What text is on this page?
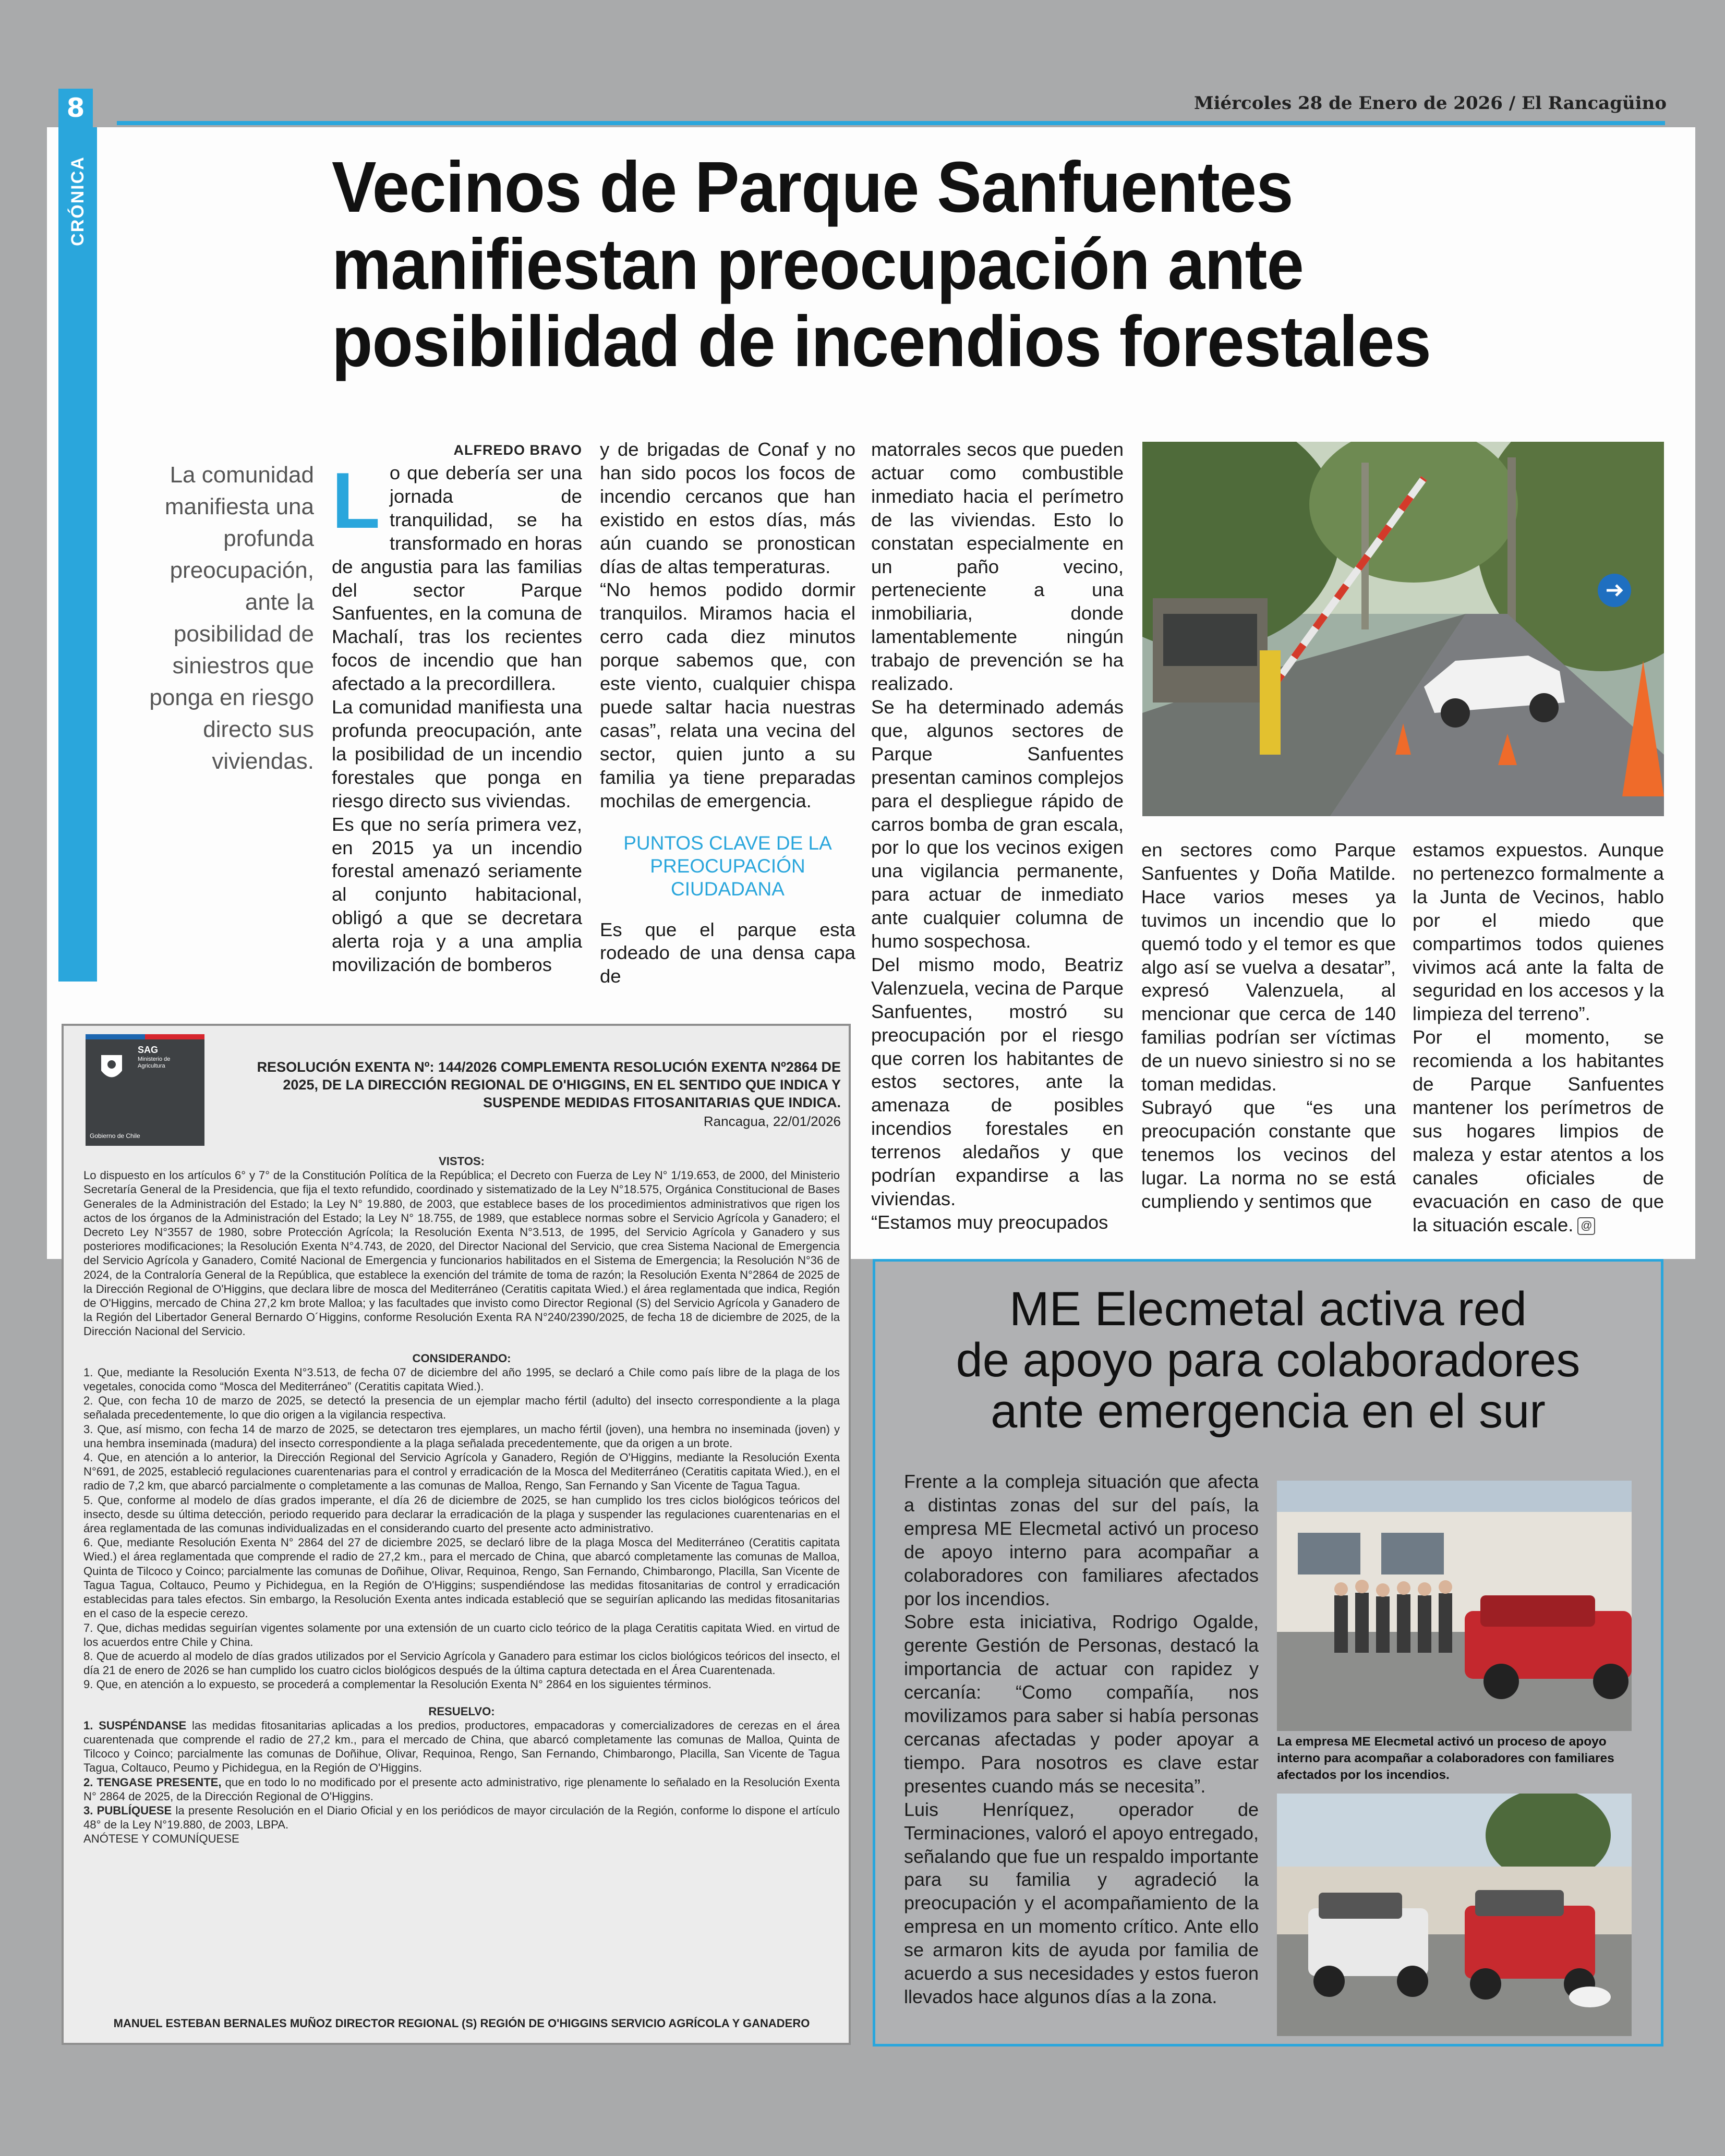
8	Miércoles 28 de Enero de 2026 / El Rancagüino
CRÓNICA	Vecinos de Parque Sanfuentes
manifiestan preocupación ante
posibilidad de incendios forestales
La comunidad manifiesta una profunda preocupación, ante la posibilidad de siniestros que ponga en riesgo directo sus viviendas.
ALFREDO BRAVO

Lo que debería ser una jornada de tranquilidad, se ha transformado en horas de angustia para las familias del sector Parque Sanfuentes, en la comuna de Machalí, tras los recientes focos de incendio que han afectado a la precordillera.

La comunidad manifiesta una profunda preocupación, ante la posibilidad de un incendio forestales que ponga en riesgo directo sus viviendas.

Es que no sería primera vez, en 2015 ya un incendio forestal amenazó seriamente al conjunto habitacional, obligó a que se decretara alerta roja y a una amplia movilización de bomberos

y de brigadas de Conaf y no han sido pocos los focos de incendio cercanos que han existido en estos días, más aún cuando se pronostican días de altas temperaturas.

“No hemos podido dormir tranquilos. Miramos hacia el cerro cada diez minutos porque sabemos que, con este viento, cualquier chispa puede saltar hacia nuestras casas”, relata una vecina del sector, quien junto a su familia ya tiene preparadas mochilas de emergencia.

PUNTOS CLAVE DE LA PREOCUPACIÓN CIUDADANA

Es que el parque esta rodeado de una densa capa de

matorrales secos que pueden actuar como combustible inmediato hacia el perímetro de las viviendas. Esto lo constatan especialmente en un paño vecino, perteneciente a una inmobiliaria, donde lamentablemente ningún trabajo de prevención se ha realizado.

Se ha determinado además que, algunos sectores de Parque Sanfuentes presentan caminos complejos para el despliegue rápido de carros bomba de gran escala, por lo que los vecinos exigen una vigilancia permanente, para actuar de inmediato ante cualquier columna de humo sospechosa.

Del mismo modo, Beatriz Valenzuela, vecina de Parque Sanfuentes, mostró su preocupación por el riesgo que corren los habitantes de estos sectores, ante la amenaza de posibles incendios forestales en terrenos aledaños y que podrían expandirse a las viviendas.

“Estamos muy preocupados

en sectores como Parque Sanfuentes y Doña Matilde. Hace varios meses ya tuvimos un incendio que lo quemó todo y el temor es que algo así se vuelva a desatar”, expresó Valenzuela, al mencionar que cerca de 140 familias podrían ser víctimas de un nuevo siniestro si no se toman medidas.

Subrayó que “es una preocupación constante que tenemos los vecinos del lugar. La norma no se está cumpliendo y sentimos que

estamos expuestos. Aunque no pertenezco formalmente a la Junta de Vecinos, hablo por el miedo que compartimos todos quienes vivimos acá ante la falta de seguridad en los accesos y la limpieza del terreno”.

Por el momento, se recomienda a los habitantes de Parque Sanfuentes mantener los perímetros de sus hogares limpios de maleza y estar atentos a los canales oficiales de evacuación en caso de que la situación escale. @

SAG
Ministerio de Agricultura
Gobierno de Chile
RESOLUCIÓN EXENTA Nº: 144/2026 COMPLEMENTA RESOLUCIÓN EXENTA Nº2864 DE 2025, DE LA DIRECCIÓN REGIONAL DE O'HIGGINS, EN EL SENTIDO QUE INDICA Y SUSPENDE MEDIDAS FITOSANITARIAS QUE INDICA.
Rancagua, 22/01/2026
VISTOS:

Lo dispuesto en los artículos 6° y 7° de la Constitución Política de la República; el Decreto con Fuerza de Ley N° 1/19.653, de 2000, del Ministerio Secretaría General de la Presidencia, que fija el texto refundido, coordinado y sistematizado de la Ley N°18.575, Orgánica Constitucional de Bases Generales de la Administración del Estado; la Ley N° 19.880, de 2003, que establece bases de los procedimientos administrativos que rigen los actos de los órganos de la Administración del Estado; la Ley N° 18.755, de 1989, que establece normas sobre el Servicio Agrícola y Ganadero; el Decreto Ley N°3557 de 1980, sobre Protección Agrícola; la Resolución Exenta N°3.513, de 1995, del Servicio Agrícola y Ganadero y sus posteriores modificaciones; la Resolución Exenta N°4.743, de 2020, del Director Nacional del Servicio, que crea Sistema Nacional de Emergencia del Servicio Agrícola y Ganadero, Comité Nacional de Emergencia y funcionarios habilitados en el Sistema de Emergencia; la Resolución N°36 de 2024, de la Contraloría General de la República, que establece la exención del trámite de toma de razón; la Resolución Exenta N°2864 de 2025 de la Dirección Regional de O'Higgins, que declara libre de mosca del Mediterráneo (Ceratitis capitata Wied.) el área reglamentada que indica, Región de O'Higgins, mercado de China 27,2 km brote Malloa; y las facultades que invisto como Director Regional (S) del Servicio Agrícola y Ganadero de la Región del Libertador General Bernardo O´Higgins, conforme Resolución Exenta RA N°240/2390/2025, de fecha 18 de diciembre de 2025, de la Dirección Nacional del Servicio.

CONSIDERANDO:

1. Que, mediante la Resolución Exenta N°3.513, de fecha 07 de diciembre del año 1995, se declaró a Chile como país libre de la plaga de los vegetales, conocida como “Mosca del Mediterráneo” (Ceratitis capitata Wied.).

2. Que, con fecha 10 de marzo de 2025, se detectó la presencia de un ejemplar macho fértil (adulto) del insecto correspondiente a la plaga señalada precedentemente, lo que dio origen a la vigilancia respectiva.

3. Que, así mismo, con fecha 14 de marzo de 2025, se detectaron tres ejemplares, un macho fértil (joven), una hembra no inseminada (joven) y una hembra inseminada (madura) del insecto correspondiente a la plaga señalada precedentemente, que da origen a un brote.

4. Que, en atención a lo anterior, la Dirección Regional del Servicio Agrícola y Ganadero, Región de O'Higgins, mediante la Resolución Exenta N°691, de 2025, estableció regulaciones cuarentenarias para el control y erradicación de la Mosca del Mediterráneo (Ceratitis capitata Wied.), en el radio de 7,2 km, que abarcó parcialmente o completamente a las comunas de Malloa, Rengo, San Fernando y San Vicente de Tagua Tagua.

5. Que, conforme al modelo de días grados imperante, el día 26 de diciembre de 2025, se han cumplido los tres ciclos biológicos teóricos del insecto, desde su última detección, periodo requerido para declarar la erradicación de la plaga y suspender las regulaciones cuarentenarias en el área reglamentada de las comunas individualizadas en el considerando cuarto del presente acto administrativo.

6. Que, mediante Resolución Exenta N° 2864 del 27 de diciembre 2025, se declaró libre de la plaga Mosca del Mediterráneo (Ceratitis capitata Wied.) el área reglamentada que comprende el radio de 27,2 km., para el mercado de China, que abarcó completamente las comunas de Malloa, Quinta de Tilcoco y Coinco; parcialmente las comunas de Doñihue, Olivar, Requinoa, Rengo, San Fernando, Chimbarongo, Placilla, San Vicente de Tagua Tagua, Coltauco, Peumo y Pichidegua, en la Región de O'Higgins; suspendiéndose las medidas fitosanitarias de control y erradicación establecidas para tales efectos. Sin embargo, la Resolución Exenta antes indicada estableció que se seguirían aplicando las medidas fitosanitarias en el caso de la especie cerezo.

7. Que, dichas medidas seguirían vigentes solamente por una extensión de un cuarto ciclo teórico de la plaga Ceratitis capitata Wied. en virtud de los acuerdos entre Chile y China.

8. Que de acuerdo al modelo de días grados utilizados por el Servicio Agrícola y Ganadero para estimar los ciclos biológicos teóricos del insecto, el día 21 de enero de 2026 se han cumplido los cuatro ciclos biológicos después de la última captura detectada en el Área Cuarentenada.

9. Que, en atención a lo expuesto, se procederá a complementar la Resolución Exenta N° 2864 en los siguientes términos.

RESUELVO:

1. SUSPÉNDANSE las medidas fitosanitarias aplicadas a los predios, productores, empacadoras y comercializadores de cerezas en el área cuarentenada que comprende el radio de 27,2 km., para el mercado de China, que abarcó completamente las comunas de Malloa, Quinta de Tilcoco y Coinco; parcialmente las comunas de Doñihue, Olivar, Requinoa, Rengo, San Fernando, Chimbarongo, Placilla, San Vicente de Tagua Tagua, Coltauco, Peumo y Pichidegua, en la Región de O'Higgins.

2. TENGASE PRESENTE, que en todo lo no modificado por el presente acto administrativo, rige plenamente lo señalado en la Resolución Exenta N° 2864 de 2025, de la Dirección Regional de O'Higgins.

3. PUBLÍQUESE la presente Resolución en el Diario Oficial y en los periódicos de mayor circulación de la Región, conforme lo dispone el artículo 48° de la Ley N°19.880, de 2003, LBPA.

ANÓTESE Y COMUNÍQUESE

MANUEL ESTEBAN BERNALES MUÑOZ DIRECTOR REGIONAL (S) REGIÓN DE O'HIGGINS SERVICIO AGRÍCOLA Y GANADERO
ME Elecmetal activa red
de apoyo para colaboradores
ante emergencia en el sur

Frente a la compleja situación que afecta a distintas zonas del sur del país, la empresa ME Elecmetal activó un proceso de apoyo interno para acompañar a colaboradores con familiares afectados por los incendios.

Sobre esta iniciativa, Rodrigo Ogalde, gerente Gestión de Personas, destacó la importancia de actuar con rapidez y cercanía: “Como compañía, nos movilizamos para saber si había personas cercanas afectadas y poder apoyar a tiempo. Para nosotros es clave estar presentes cuando más se necesita”.

Luis Henríquez, operador de Terminaciones, valoró el apoyo entregado, señalando que fue un respaldo importante para su familia y agradeció la preocupación y el acompañamiento de la empresa en un momento crítico. Ante ello se armaron kits de ayuda por familia de acuerdo a sus necesidades y estos fueron llevados hace algunos días a la zona.

La empresa ME Elecmetal activó un proceso de apoyo interno para acompañar a colaboradores con familiares afectados por los incendios.
